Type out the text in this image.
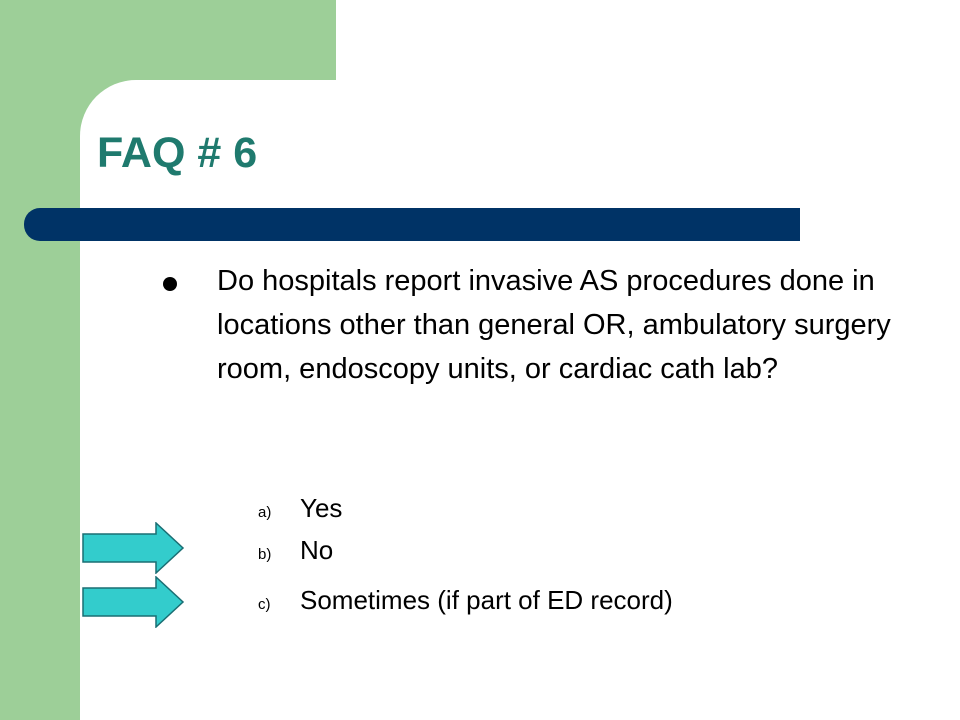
FAQ # 6

Do hospitals report invasive AS procedures done in locations other than general OR, ambulatory surgery room, endoscopy units, or cardiac cath lab?

a) Yes
b) No
c) Sometimes (if part of ED record)
